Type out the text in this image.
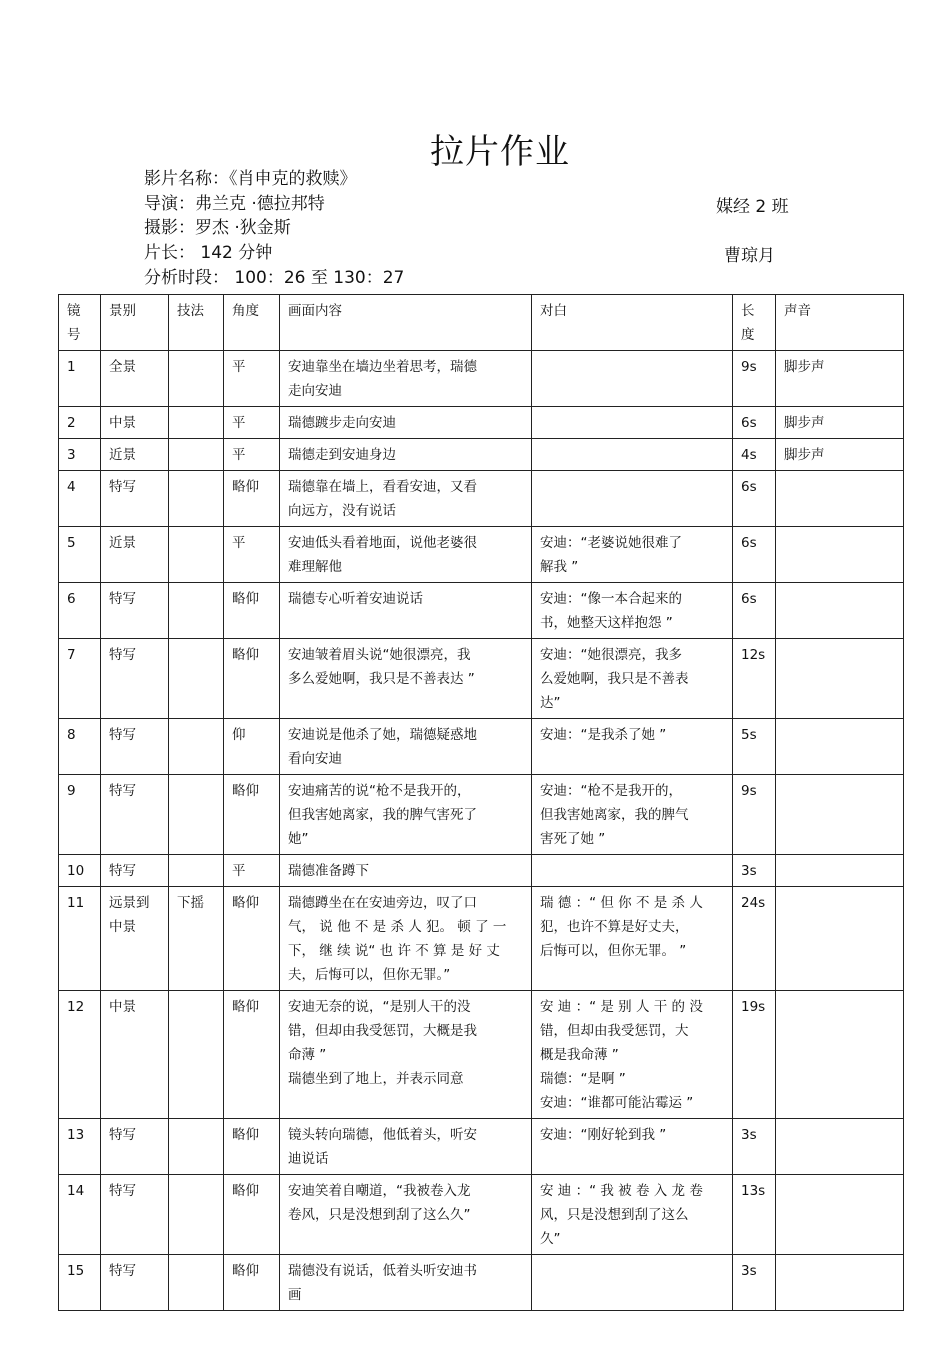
拉片作业
影片名称：《肖申克的救赎》
导演：弗兰克 ·德拉邦特	媒经 2 班
摄影：罗杰 ·狄金斯
片长： 142 分钟	曹琼月
分析时段： 100：26 至 130：27
镜
号	景别	技法	角度	画面内容	对白	长
度	声音

1	全景		平	安迪靠坐在墙边坐着思考，瑞德
走向安迪		9s	脚步声
2	中景		平	瑞德踱步走向安迪		6s	脚步声
3	近景		平	瑞德走到安迪身边		4s	脚步声
4	特写		略仰	瑞德靠在墙上，看看安迪，又看
向远方，没有说话		6s	
5	近景		平	安迪低头看着地面，说他老婆很
难理解他	安迪：“老婆说她很难了
解我 ”	6s	
6	特写		略仰	瑞德专心听着安迪说话	安迪：“像一本合起来的
书，她整天这样抱怨 ”	6s	
7	特写		略仰	安迪皱着眉头说“她很漂亮，我
多么爱她啊，我只是不善表达 ”	安迪：“她很漂亮，我多
么爱她啊，我只是不善表
达”	12s	
8	特写		仰	安迪说是他杀了她，瑞德疑惑地
看向安迪	安迪：“是我杀了她 ”	5s	
9	特写		略仰	安迪痛苦的说“枪不是我开的，
但我害她离家，我的脾气害死了
她”	安迪：“枪不是我开的，
但我害她离家，我的脾气
害死了她 ”	9s	
10	特写		平	瑞德准备蹲下		3s	
11	远景到
中景	下摇	略仰	瑞德蹲坐在在安迪旁边，叹了口
气， 说 他 不 是 杀 人 犯。 顿 了 一
下， 继 续 说“ 也 许 不 算 是 好 丈
夫，后悔可以，但你无罪。”	瑞 德 ：“ 但 你 不 是 杀 人
犯，也许不算是好丈夫，
后悔可以，但你无罪。 ”	24s	
12	中景		略仰	安迪无奈的说，“是别人干的没
错，但却由我受惩罚，大概是我
命薄 ”
瑞德坐到了地上，并表示同意	安 迪 ：“ 是 别 人 干 的 没
错，但却由我受惩罚，大
概是我命薄 ”
瑞德：“是啊 ”
安迪：“谁都可能沾霉运 ”	19s	
13	特写		略仰	镜头转向瑞德，他低着头，听安
迪说话	安迪：“刚好轮到我 ”	3s	
14	特写		略仰	安迪笑着自嘲道，“我被卷入龙
卷风，只是没想到刮了这么久”	安 迪 ：“ 我 被 卷 入 龙 卷
风，只是没想到刮了这么
久”	13s	
15	特写		略仰	瑞德没有说话，低着头听安迪书
画		3s	
